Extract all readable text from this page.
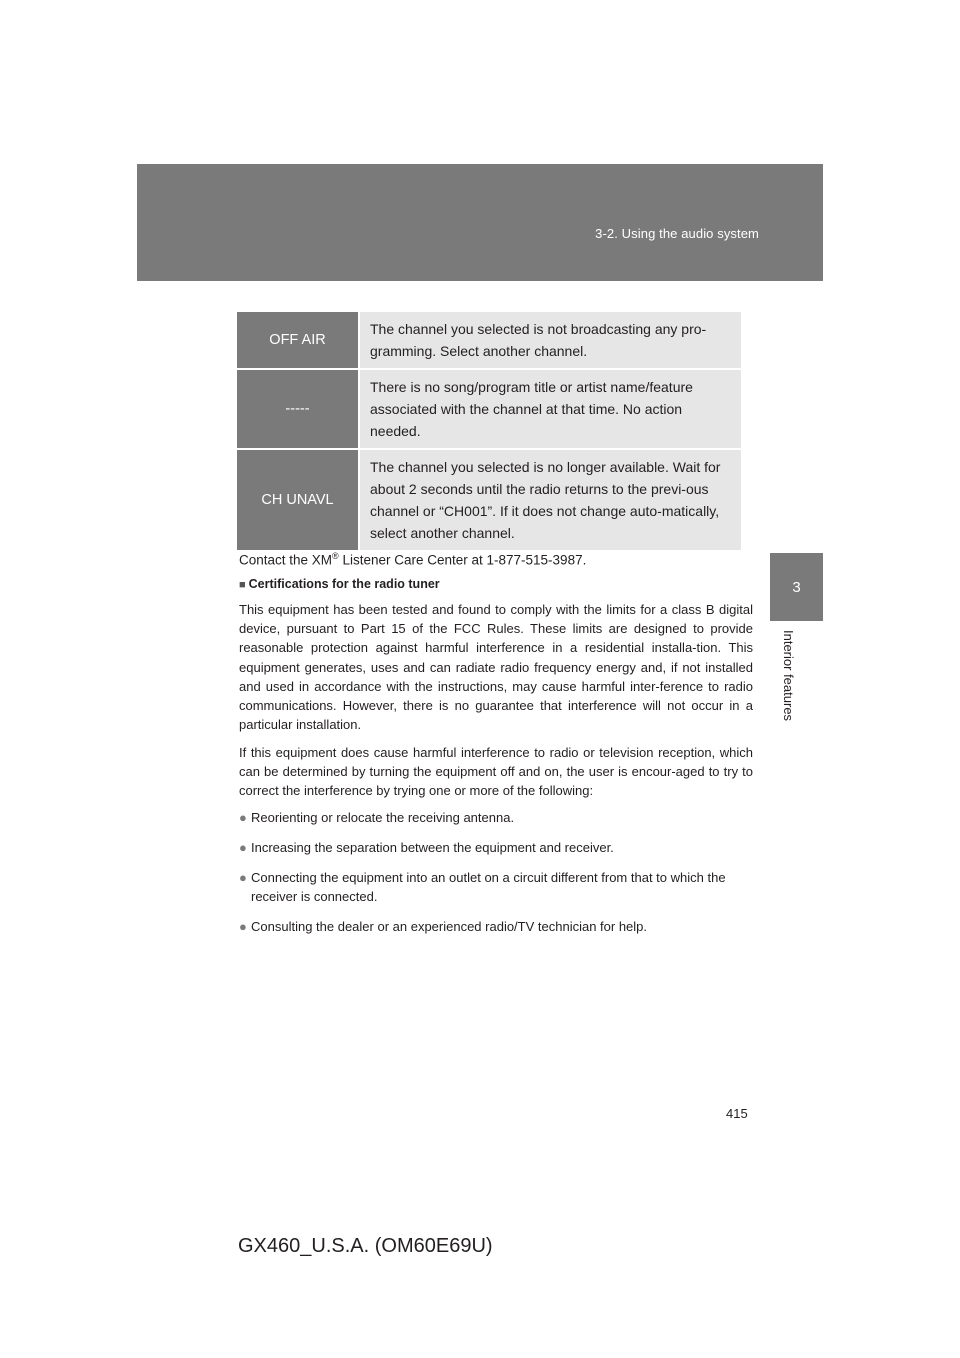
3-2. Using the audio system
3
Interior features
OFF AIR	The channel you selected is not broadcasting any pro-gramming. Select another channel.
-----	There is no song/program title or artist name/feature associated with the channel at that time. No action needed.
CH UNAVL	The channel you selected is no longer available. Wait for about 2 seconds until the radio returns to the previ-ous channel or “CH001”. If it does not change auto-matically, select another channel.
Contact the XM® Listener Care Center at 1-877-515-3987.
■ Certifications for the radio tuner
This equipment has been tested and found to comply with the limits for a class B digital device, pursuant to Part 15 of the FCC Rules. These limits are designed to provide reasonable protection against harmful interference in a residential installa-tion. This equipment generates, uses and can radiate radio frequency energy and, if not installed and used in accordance with the instructions, may cause harmful inter-ference to radio communications. However, there is no guarantee that interference will not occur in a particular installation.
If this equipment does cause harmful interference to radio or television reception, which can be determined by turning the equipment off and on, the user is encour-aged to try to correct the interference by trying one or more of the following:
● Reorienting or relocate the receiving antenna.
● Increasing the separation between the equipment and receiver.
● Connecting the equipment into an outlet on a circuit different from that to which the receiver is connected.
● Consulting the dealer or an experienced radio/TV technician for help.
415
GX460_U.S.A. (OM60E69U)
